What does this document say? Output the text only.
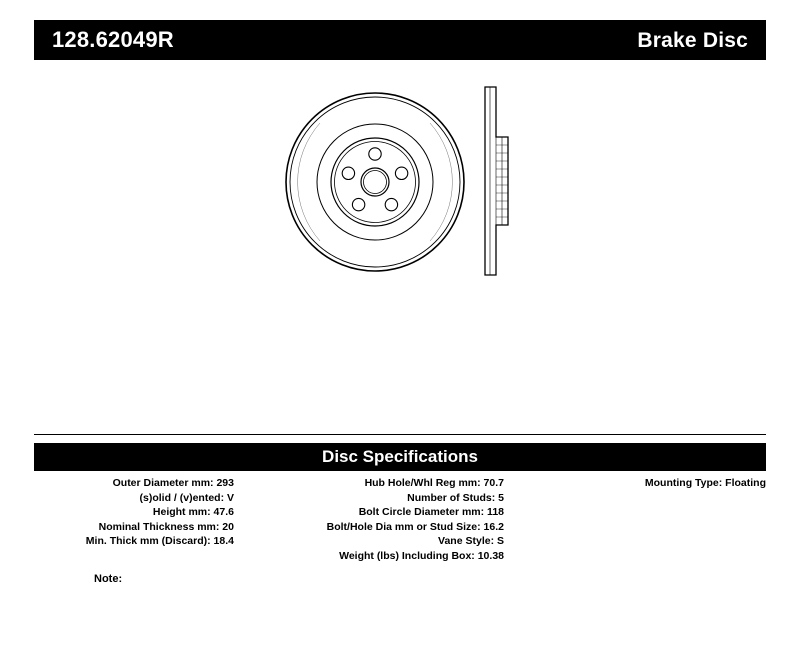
128.62049R	Brake Disc
Disc Specifications
Outer Diameter mm: 293
(s)olid / (v)ented: V
Height mm: 47.6
Nominal Thickness mm: 20
Min. Thick mm (Discard): 18.4
Hub Hole/Whl Reg mm: 70.7
Number of Studs: 5
Bolt Circle Diameter mm: 118
Bolt/Hole Dia mm or Stud Size: 16.2
Vane Style: S
Weight (lbs) Including Box: 10.38
Mounting Type: Floating
Note:
